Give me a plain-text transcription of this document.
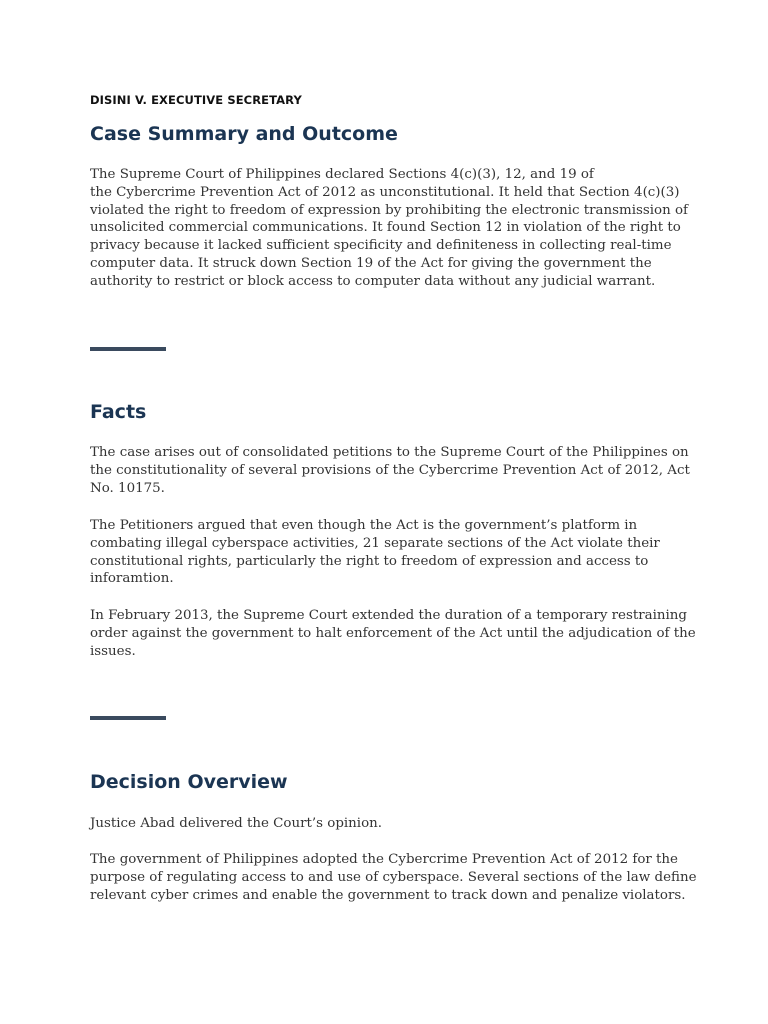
DISINI V. EXECUTIVE SECRETARY
Case Summary and Outcome

The Supreme Court of Philippines declared Sections 4(c)(3), 12, and 19 of
the Cybercrime Prevention Act of 2012 as unconstitutional. It held that Section 4(c)(3)
violated the right to freedom of expression by prohibiting the electronic transmission of
unsolicited commercial communications. It found Section 12 in violation of the right to
privacy because it lacked sufficient specificity and definiteness in collecting real-time
computer data. It struck down Section 19 of the Act for giving the government the
authority to restrict or block access to computer data without any judicial warrant.

Facts

The case arises out of consolidated petitions to the Supreme Court of the Philippines on
the constitutionality of several provisions of the Cybercrime Prevention Act of 2012, Act
No. 10175.

The Petitioners argued that even though the Act is the government’s platform in
combating illegal cyberspace activities, 21 separate sections of the Act violate their
constitutional rights, particularly the right to freedom of expression and access to
inforamtion.

In February 2013, the Supreme Court extended the duration of a temporary restraining
order against the government to halt enforcement of the Act until the adjudication of the
issues.

Decision Overview

Justice Abad delivered the Court’s opinion.

The government of Philippines adopted the Cybercrime Prevention Act of 2012 for the
purpose of regulating access to and use of cyberspace. Several sections of the law define
relevant cyber crimes and enable the government to track down and penalize violators.
